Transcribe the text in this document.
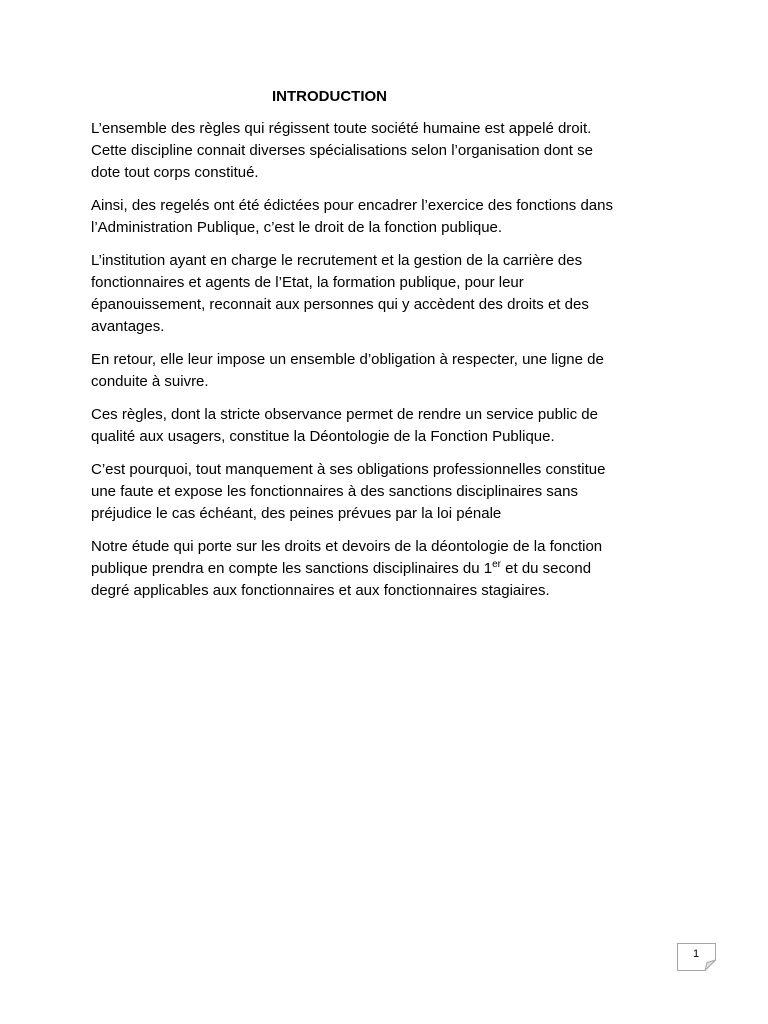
INTRODUCTION

L’ensemble des règles qui régissent toute société humaine est appelé droit.
Cette discipline connait diverses spécialisations selon l’organisation dont se
dote tout corps constitué.

Ainsi, des regelés ont été édictées pour encadrer l’exercice des fonctions dans
l’Administration Publique, c’est le droit de la fonction publique.

L’institution ayant en charge le recrutement et la gestion de la carrière des
fonctionnaires et agents de l’Etat, la formation publique, pour leur
épanouissement, reconnait aux personnes qui y accèdent des droits et des
avantages.

En retour, elle leur impose un ensemble d’obligation à respecter, une ligne de
conduite à suivre.

Ces règles, dont la stricte observance permet de rendre un service public de
qualité aux usagers, constitue la Déontologie de la Fonction Publique.

C’est pourquoi, tout manquement à ses obligations professionnelles constitue
une faute et expose les fonctionnaires à des sanctions disciplinaires sans
préjudice le cas échéant, des peines prévues par la loi pénale

Notre étude qui porte sur les droits et devoirs de la déontologie de la fonction
publique prendra en compte les sanctions disciplinaires du 1er et du second
degré applicables aux fonctionnaires et aux fonctionnaires stagiaires.

1
